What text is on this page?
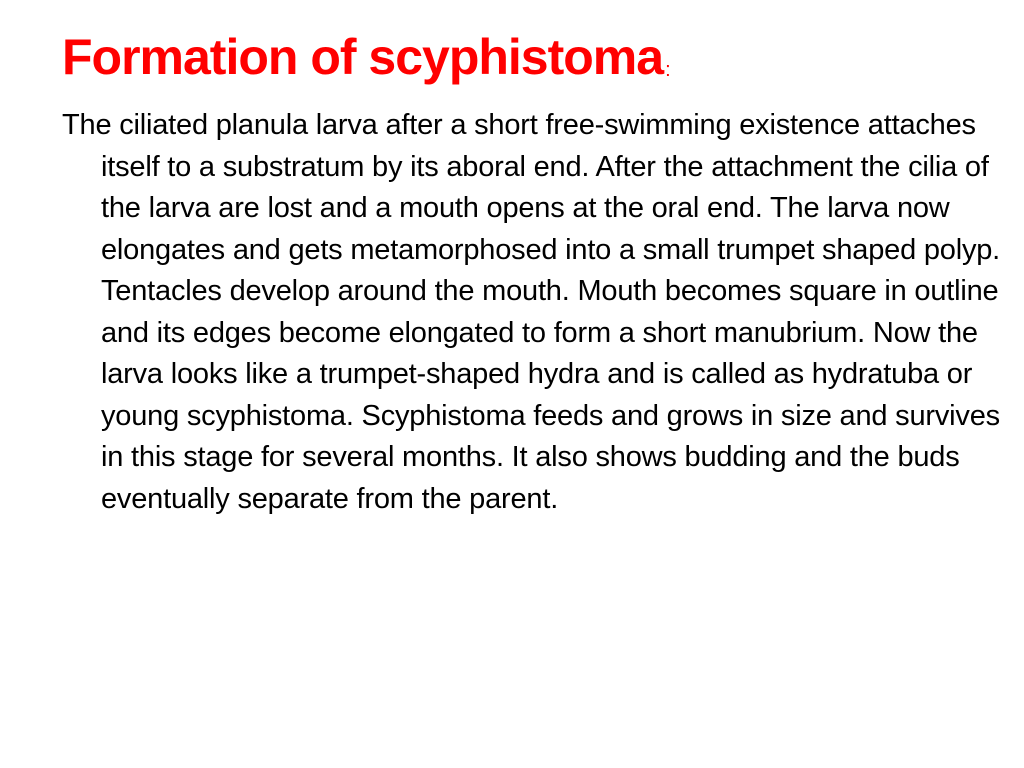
Formation of scyphistoma :

The ciliated planula larva after a short free-swimming existence attaches itself to a substratum by its aboral end. After the attachment the cilia of the larva are lost and a mouth opens at the oral end. The larva now elongates and gets metamorphosed into a small trumpet shaped polyp. Tentacles develop around the mouth. Mouth becomes square in outline and its edges become elongated to form a short manubrium. Now the larva looks like a trumpet-shaped hydra and is called as hydratuba or young scyphistoma. Scyphistoma feeds and grows in size and survives in this stage for several months. It also shows budding and the buds eventually separate from the parent.
